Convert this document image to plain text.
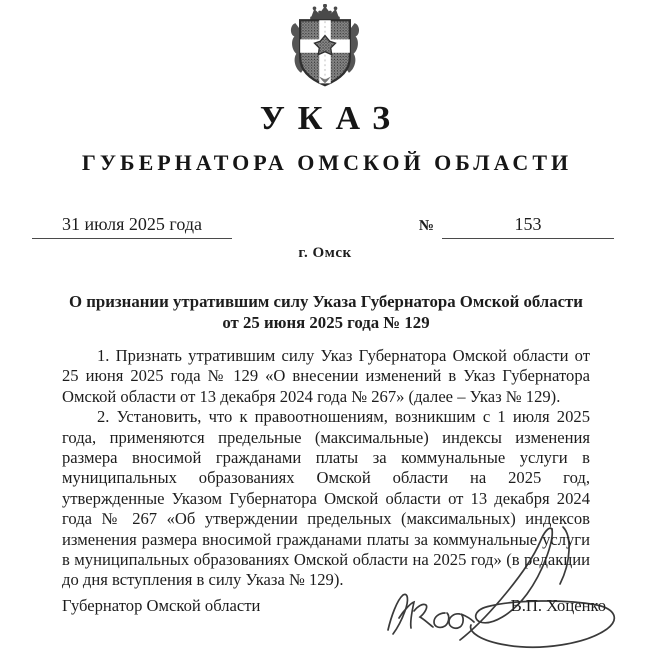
УКАЗ
ГУБЕРНАТОРА ОМСКОЙ ОБЛАСТИ
31 июля 2025 года	№	153
г. Омск
О признании утратившим силу Указа Губернатора Омской области
от 25 июня 2025 года № 129

1. Признать утратившим силу Указ Губернатора Омской области от 25 июня 2025 года № 129 «О внесении изменений в Указ Губернатора Омской области от 13 декабря 2024 года № 267» (далее – Указ № 129).

2. Установить, что к правоотношениям, возникшим с 1 июля 2025 года, применяются предельные (максимальные) индексы изменения размера вносимой гражданами платы за коммунальные услуги в муниципальных образованиях Омской области на 2025 год, утвержденные Указом Губернатора Омской области от 13 декабря 2024 года № 267 «Об утверждении предельных (максимальных) индексов изменения размера вносимой гражданами платы за коммунальные услуги в муниципальных образованиях Омской области на 2025 год» (в редакции до дня вступления в силу Указа № 129).

Губернатор Омской области	В.П. Хоценко
